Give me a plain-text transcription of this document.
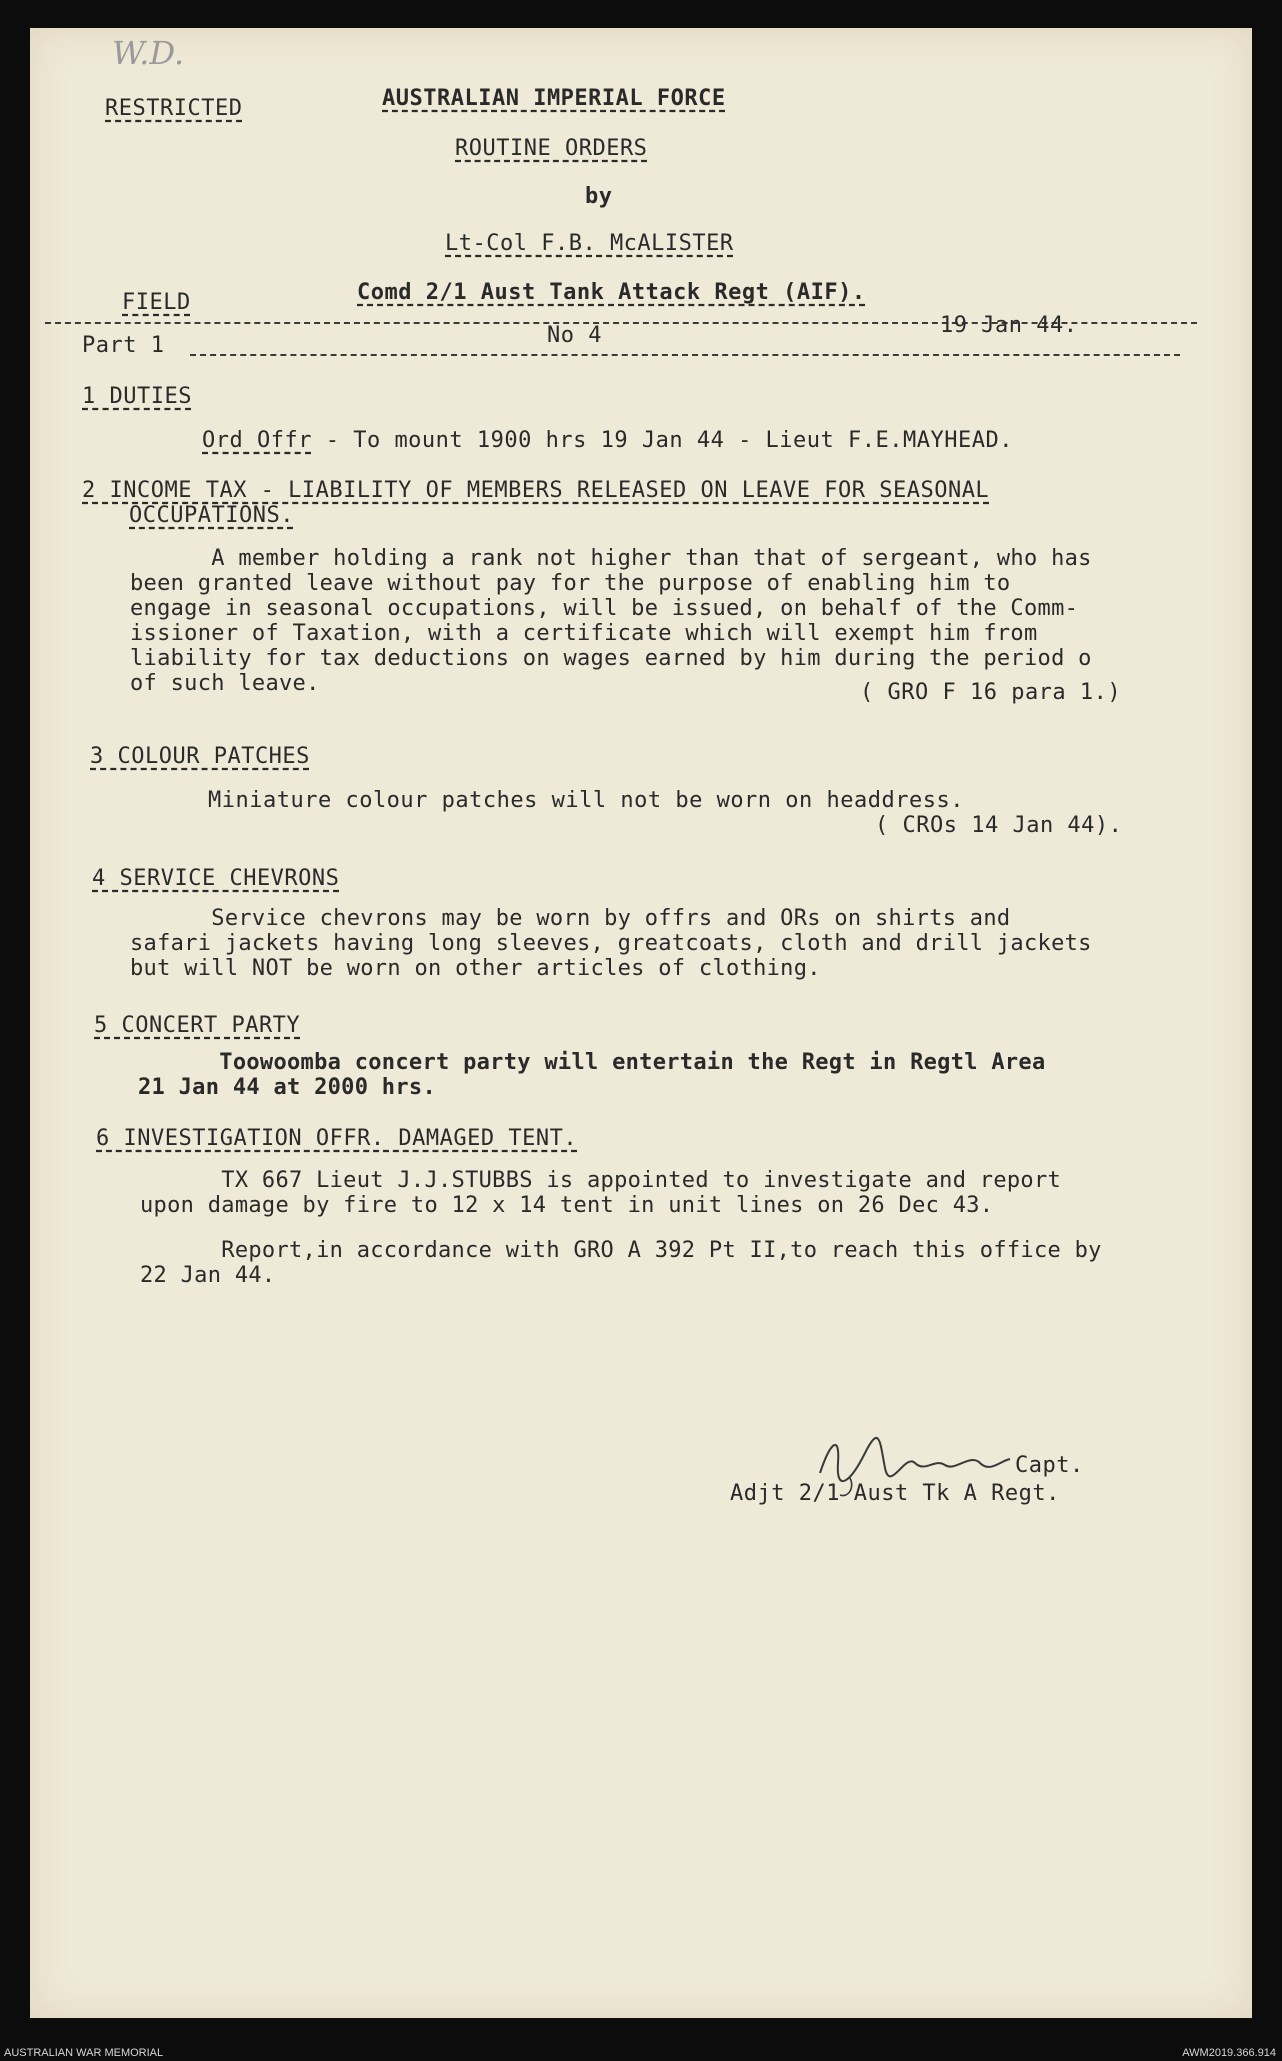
W.D.
RESTRICTED	AUSTRALIAN IMPERIAL FORCE
ROUTINE ORDERS
by
Lt-Col F.B. McALISTER
FIELD	Comd 2/1 Aust Tank Attack Regt (AIF).
Part 1	No 4	19 Jan 44.
1 DUTIES
Ord Offr - To mount 1900 hrs 19 Jan 44 - Lieut F.E.MAYHEAD.
2 INCOME TAX - LIABILITY OF MEMBERS RELEASED ON LEAVE FOR SEASONAL
OCCUPATIONS.
A member holding a rank not higher than that of sergeant, who has
been granted leave without pay for the purpose of enabling him to
engage in seasonal occupations, will be issued, on behalf of the Comm-
issioner of Taxation, with a certificate which will exempt him from
liability for tax deductions on wages earned by him during the period o
of such leave.	( GRO F 16 para 1.)
3 COLOUR PATCHES
Miniature colour patches will not be worn on headdress.
( CROs 14 Jan 44).
4 SERVICE CHEVRONS
Service chevrons may be worn by offrs and ORs on shirts and
safari jackets having long sleeves, greatcoats, cloth and drill jackets
but will NOT be worn on other articles of clothing.
5 CONCERT PARTY
Toowoomba concert party will entertain the Regt in Regtl Area
21 Jan 44 at 2000 hrs.
6 INVESTIGATION OFFR. DAMAGED TENT.
TX 667 Lieut J.J.STUBBS is appointed to investigate and report
upon damage by fire to 12 x 14 tent in unit lines on 26 Dec 43.
Report,in accordance with GRO A 392 Pt II,to reach this office by
22 Jan 44.
Capt.
Adjt 2/1 Aust Tk A Regt.
AUSTRALIAN WAR MEMORIAL	AWM2019.366.914
